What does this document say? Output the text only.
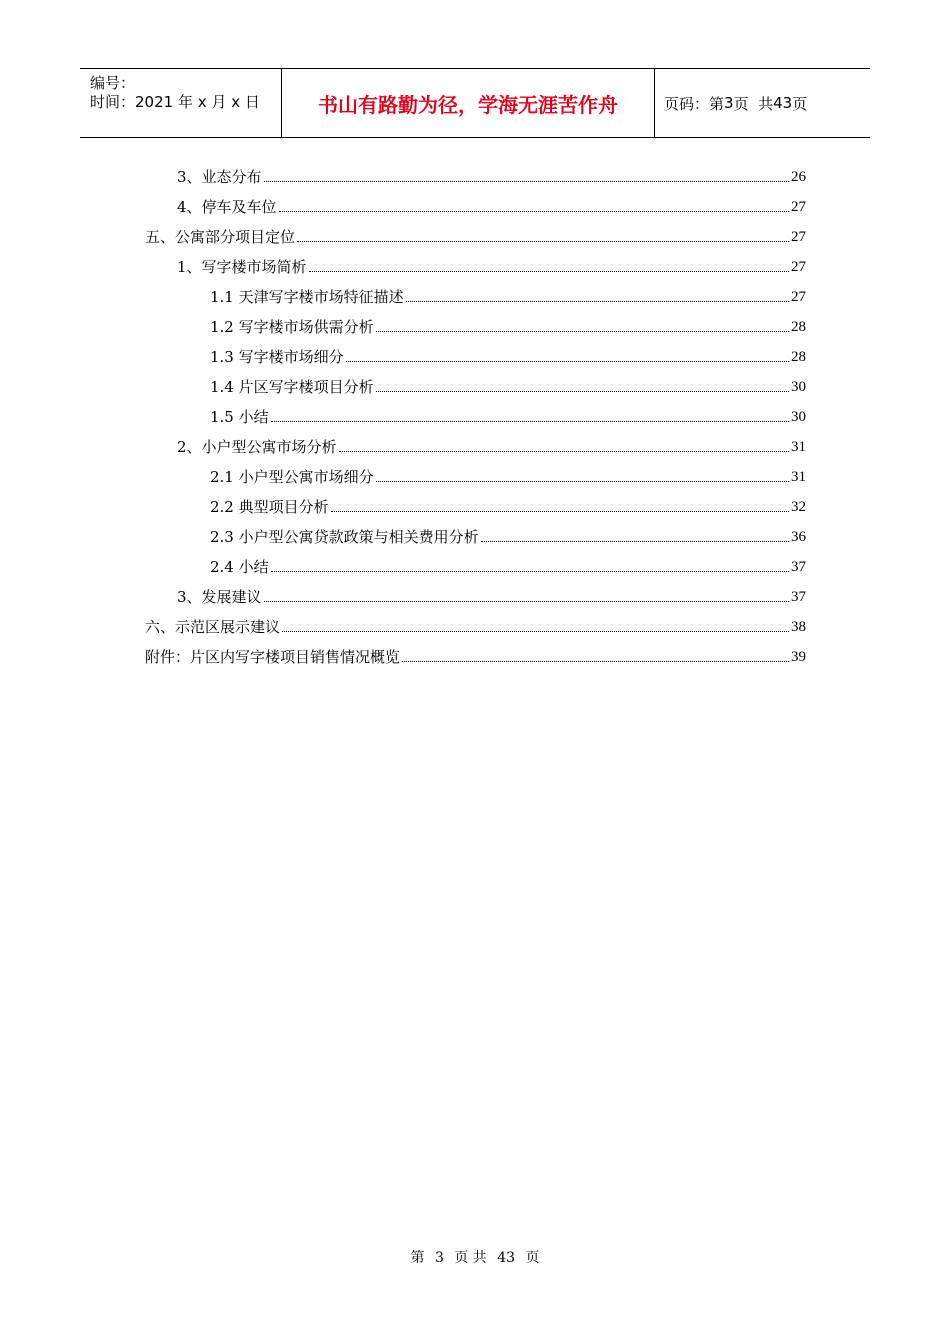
编号：
时间：2021 年 x 月 x 日	书山有路勤为径，学海无涯苦作舟	页码：第 3 页  共 43 页
3、业态分布	26
4、停车及车位	27
五、公寓部分项目定位	27
1、写字楼市场简析	27
1.1 天津写字楼市场特征描述	27
1.2 写字楼市场供需分析	28
1.3 写字楼市场细分	28
1.4 片区写字楼项目分析	30
1.5 小结	30
2、小户型公寓市场分析	31
2.1 小户型公寓市场细分	31
2.2 典型项目分析	32
2.3 小户型公寓贷款政策与相关费用分析	36
2.4 小结	37
3、发展建议	37
六、示范区展示建议	38
附件：片区内写字楼项目销售情况概览	39
第 3 页 共 43 页
